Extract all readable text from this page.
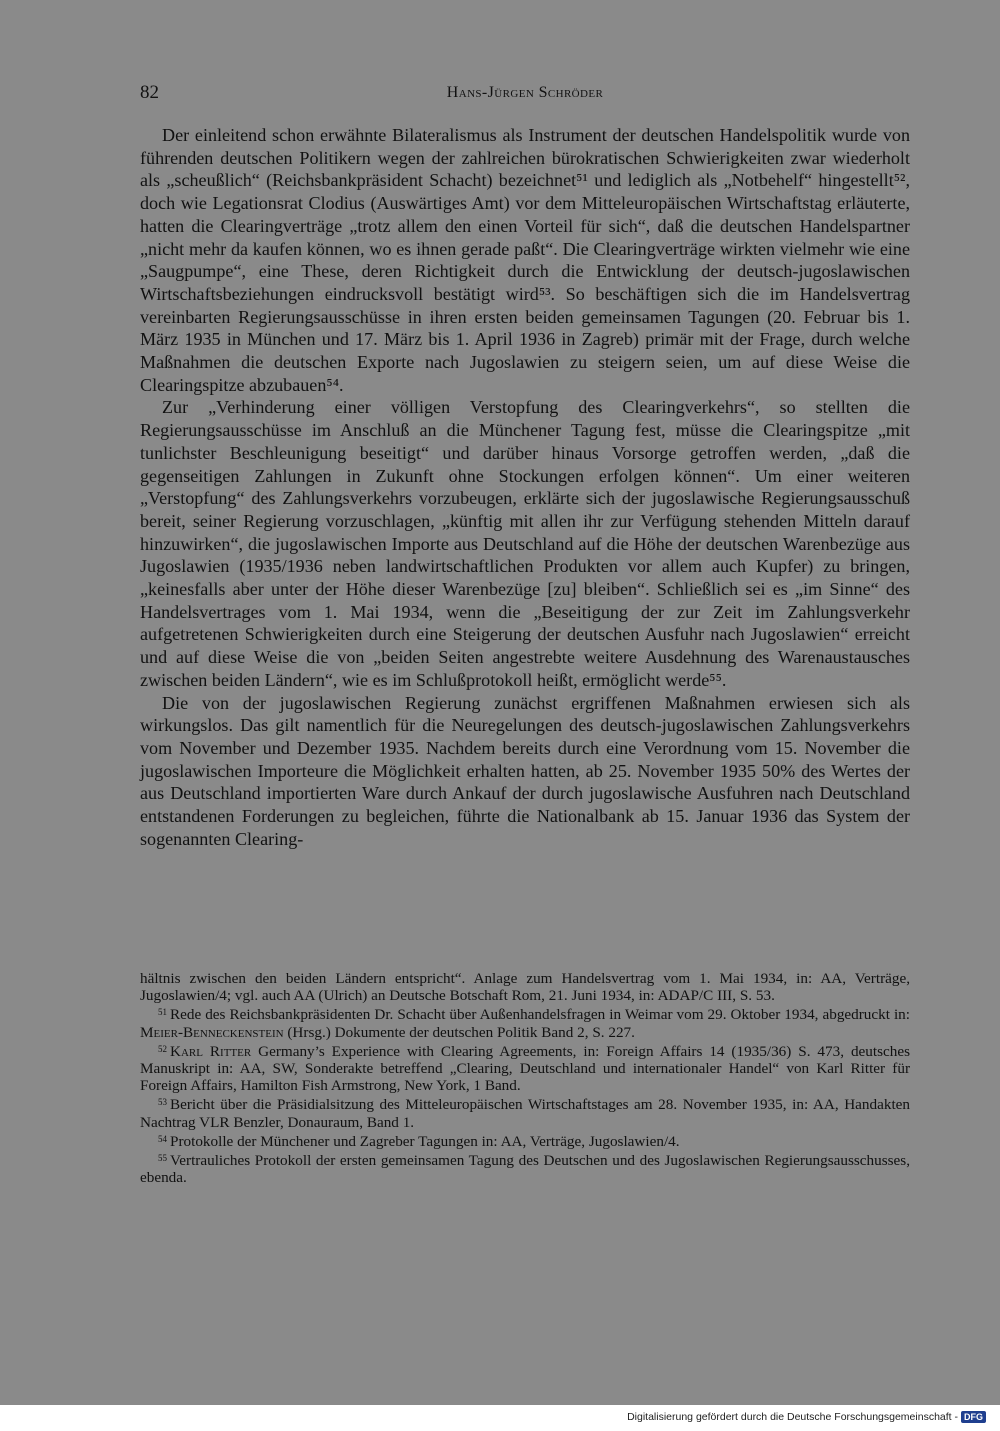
82	Hans-Jürgen Schröder

Der einleitend schon erwähnte Bilateralismus als Instrument der deutschen Handelspolitik wurde von führenden deutschen Politikern wegen der zahlreichen bürokratischen Schwierigkeiten zwar wiederholt als „scheußlich“ (Reichsbankpräsident Schacht) bezeichnet⁵¹ und lediglich als „Notbehelf“ hingestellt⁵², doch wie Legationsrat Clodius (Auswärtiges Amt) vor dem Mitteleuropäischen Wirtschaftstag erläuterte, hatten die Clearingverträge „trotz allem den einen Vorteil für sich“, daß die deutschen Handelspartner „nicht mehr da kaufen können, wo es ihnen gerade paßt“. Die Clearingverträge wirkten vielmehr wie eine „Saugpumpe“, eine These, deren Richtigkeit durch die Entwicklung der deutsch-jugoslawischen Wirtschaftsbeziehungen eindrucksvoll bestätigt wird⁵³. So beschäftigen sich die im Handelsvertrag vereinbarten Regierungsausschüsse in ihren ersten beiden gemeinsamen Tagungen (20. Februar bis 1. März 1935 in München und 17. März bis 1. April 1936 in Zagreb) primär mit der Frage, durch welche Maßnahmen die deutschen Exporte nach Jugoslawien zu steigern seien, um auf diese Weise die Clearingspitze abzubauen⁵⁴.

Zur „Verhinderung einer völligen Verstopfung des Clearingverkehrs“, so stellten die Regierungsausschüsse im Anschluß an die Münchener Tagung fest, müsse die Clearingspitze „mit tunlichster Beschleunigung beseitigt“ und darüber hinaus Vorsorge getroffen werden, „daß die gegenseitigen Zahlungen in Zukunft ohne Stockungen erfolgen können“. Um einer weiteren „Verstopfung“ des Zahlungsverkehrs vorzubeugen, erklärte sich der jugoslawische Regierungsausschuß bereit, seiner Regierung vorzuschlagen, „künftig mit allen ihr zur Verfügung stehenden Mitteln darauf hinzuwirken“, die jugoslawischen Importe aus Deutschland auf die Höhe der deutschen Warenbezüge aus Jugoslawien (1935/1936 neben landwirtschaftlichen Produkten vor allem auch Kupfer) zu bringen, „keinesfalls aber unter der Höhe dieser Warenbezüge [zu] bleiben“. Schließlich sei es „im Sinne“ des Handelsvertrages vom 1. Mai 1934, wenn die „Beseitigung der zur Zeit im Zahlungsverkehr aufgetretenen Schwierigkeiten durch eine Steigerung der deutschen Ausfuhr nach Jugoslawien“ erreicht und auf diese Weise die von „beiden Seiten angestrebte weitere Ausdehnung des Warenaustausches zwischen beiden Ländern“, wie es im Schlußprotokoll heißt, ermöglicht werde⁵⁵.

Die von der jugoslawischen Regierung zunächst ergriffenen Maßnahmen erwiesen sich als wirkungslos. Das gilt namentlich für die Neuregelungen des deutsch-jugoslawischen Zahlungsverkehrs vom November und Dezember 1935. Nachdem bereits durch eine Verordnung vom 15. November die jugoslawischen Importeure die Möglichkeit erhalten hatten, ab 25. November 1935 50% des Wertes der aus Deutschland importierten Ware durch Ankauf der durch jugoslawische Ausfuhren nach Deutschland entstandenen Forderungen zu begleichen, führte die Nationalbank ab 15. Januar 1936 das System der sogenannten Clearing-

hältnis zwischen den beiden Ländern entspricht“. Anlage zum Handelsvertrag vom 1. Mai 1934, in: AA, Verträge, Jugoslawien/4; vgl. auch AA (Ulrich) an Deutsche Botschaft Rom, 21. Juni 1934, in: ADAP/C III, S. 53.

$^{51}$ Rede des Reichsbankpräsidenten Dr. Schacht über Außenhandelsfragen in Weimar vom 29. Oktober 1934, abgedruckt in: Meier-Benneckenstein (Hrsg.) Dokumente der deutschen Politik Band 2, S. 227.

$^{52}$ Karl Ritter Germany’s Experience with Clearing Agreements, in: Foreign Affairs 14 (1935/36) S. 473, deutsches Manuskript in: AA, SW, Sonderakte betreffend „Clearing, Deutschland und internationaler Handel“ von Karl Ritter für Foreign Affairs, Hamilton Fish Armstrong, New York, 1 Band.

$^{53}$ Bericht über die Präsidialsitzung des Mitteleuropäischen Wirtschaftstages am 28. November 1935, in: AA, Handakten Nachtrag VLR Benzler, Donauraum, Band 1.

$^{54}$ Protokolle der Münchener und Zagreber Tagungen in: AA, Verträge, Jugoslawien/4.

$^{55}$ Vertrauliches Protokoll der ersten gemeinsamen Tagung des Deutschen und des Jugoslawischen Regierungsausschusses, ebenda.

Digitalisierung gefördert durch die Deutsche Forschungsgemeinschaft - DFG
